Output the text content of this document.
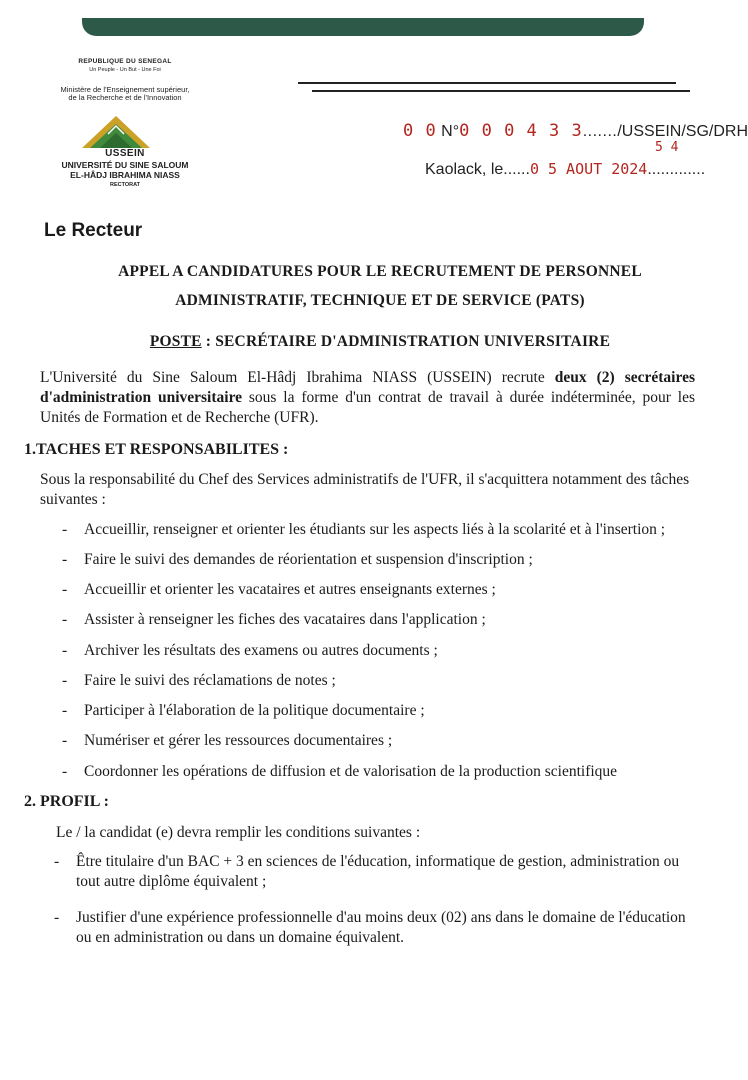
REPUBLIQUE DU SENEGAL
Un Peuple - Un But - Une Foi
Ministère de l'Enseignement supérieur,
de la Recherche et de l'Innovation
USSEIN
UNIVERSITÉ DU SINE SALOUM
EL-HÂDJ IBRAHIMA NIASS
RECTORAT
0 0 N°0 0 0 4 3 3......./USSEIN/SG/DRH
5 4
Kaolack, le......0 5 AOUT 2024.............
Le Recteur
APPEL A CANDIDATURES POUR LE RECRUTEMENT DE PERSONNEL
ADMINISTRATIF, TECHNIQUE ET DE SERVICE (PATS)
POSTE : SECRÉTAIRE D'ADMINISTRATION UNIVERSITAIRE
L'Université du Sine Saloum El-Hâdj Ibrahima NIASS (USSEIN) recrute deux (2) secrétaires d'administration universitaire sous la forme d'un contrat de travail à durée indéterminée, pour les Unités de Formation et de Recherche (UFR).
1.TACHES ET RESPONSABILITES :
Sous la responsabilité du Chef des Services administratifs de l'UFR, il s'acquittera notamment des tâches suivantes :
- Accueillir, renseigner et orienter les étudiants sur les aspects liés à la scolarité et à l'insertion ;
- Faire le suivi des demandes de réorientation et suspension d'inscription ;
- Accueillir et orienter les vacataires et autres enseignants externes ;
- Assister à renseigner les fiches des vacataires dans l'application ;
- Archiver les résultats des examens ou autres documents ;
- Faire le suivi des réclamations de notes ;
- Participer à l'élaboration de la politique documentaire ;
- Numériser et gérer les ressources documentaires ;
- Coordonner les opérations de diffusion et de valorisation de la production scientifique
2. PROFIL :
Le / la candidat (e) devra remplir les conditions suivantes :
- Être titulaire d'un BAC + 3 en sciences de l'éducation, informatique de gestion, administration ou tout autre diplôme équivalent ;
- Justifier d'une expérience professionnelle d'au moins deux (02) ans dans le domaine de l'éducation ou en administration ou dans un domaine équivalent.
